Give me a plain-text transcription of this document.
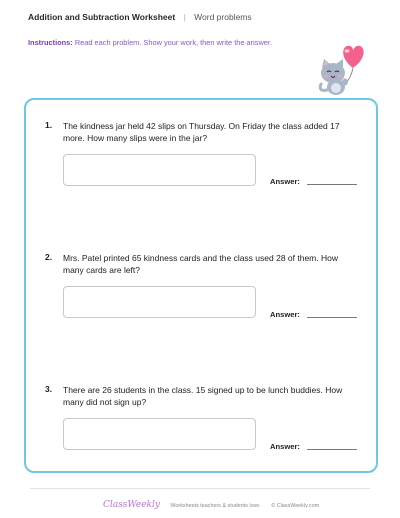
Addition and Subtraction Worksheet | Word problems
Instructions: Read each problem. Show your work, then write the answer.
1. The kindness jar held 42 slips on Thursday. On Friday the class added 17 more. How many slips were in the jar?
Answer:
2. Mrs. Patel printed 65 kindness cards and the class used 28 of them. How many cards are left?
Answer:
3. There are 26 students in the class. 15 signed up to be lunch buddies. How many did not sign up?
Answer:
ClassWeekly Worksheets teachers & students love. © ClassWeekly.com
